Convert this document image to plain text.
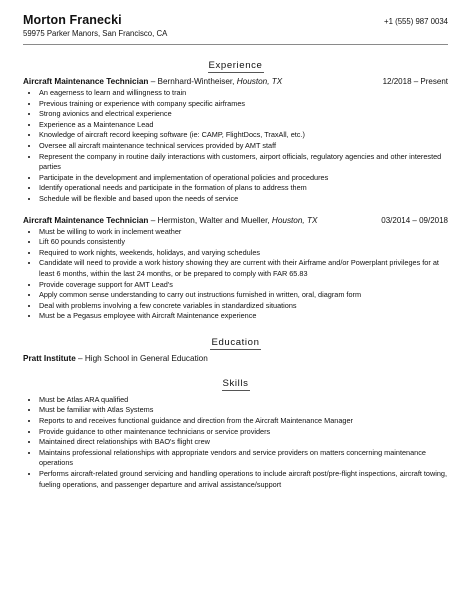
Morton Franecki	+1 (555) 987 0034
59975 Parker Manors, San Francisco, CA
Experience
Aircraft Maintenance Technician – Bernhard-Wintheiser, Houston, TX	12/2018 – Present
• An eagerness to learn and willingness to train
• Previous training or experience with company specific airframes
• Strong avionics and electrical experience
• Experience as a Maintenance Lead
• Knowledge of aircraft record keeping software (ie: CAMP, FlightDocs, TraxAll, etc.)
• Oversee all aircraft maintenance technical services provided by AMT staff
• Represent the company in routine daily interactions with customers, airport officials, regulatory agencies and other interested parties
• Participate in the development and implementation of operational policies and procedures
• Identify operational needs and participate in the formation of plans to address them
• Schedule will be flexible and based upon the needs of service
Aircraft Maintenance Technician – Hermiston, Walter and Mueller, Houston, TX	03/2014 – 09/2018
• Must be willing to work in inclement weather
• Lift 60 pounds consistently
• Required to work nights, weekends, holidays, and varying schedules
• Candidate will need to provide a work history showing they are current with their Airframe and/or Powerplant privileges for at least 6 months, within the last 24 months, or be prepared to comply with FAR 65.83
• Provide coverage support for AMT Lead's
• Apply common sense understanding to carry out instructions furnished in written, oral, diagram form
• Deal with problems involving a few concrete variables in standardized situations
• Must be a Pegasus employee with Aircraft Maintenance experience
Education
Pratt Institute – High School in General Education
Skills
• Must be Atlas ARA qualified
• Must be familiar with Atlas Systems
• Reports to and receives functional guidance and direction from the Aircraft Maintenance Manager
• Provide guidance to other maintenance technicians or service providers
• Maintained direct relationships with BAO's flight crew
• Maintains professional relationships with appropriate vendors and service providers on matters concerning maintenance operations
• Performs aircraft-related ground servicing and handling operations to include aircraft post/pre-flight inspections, aircraft towing, fueling operations, and passenger departure and arrival assistance/support
